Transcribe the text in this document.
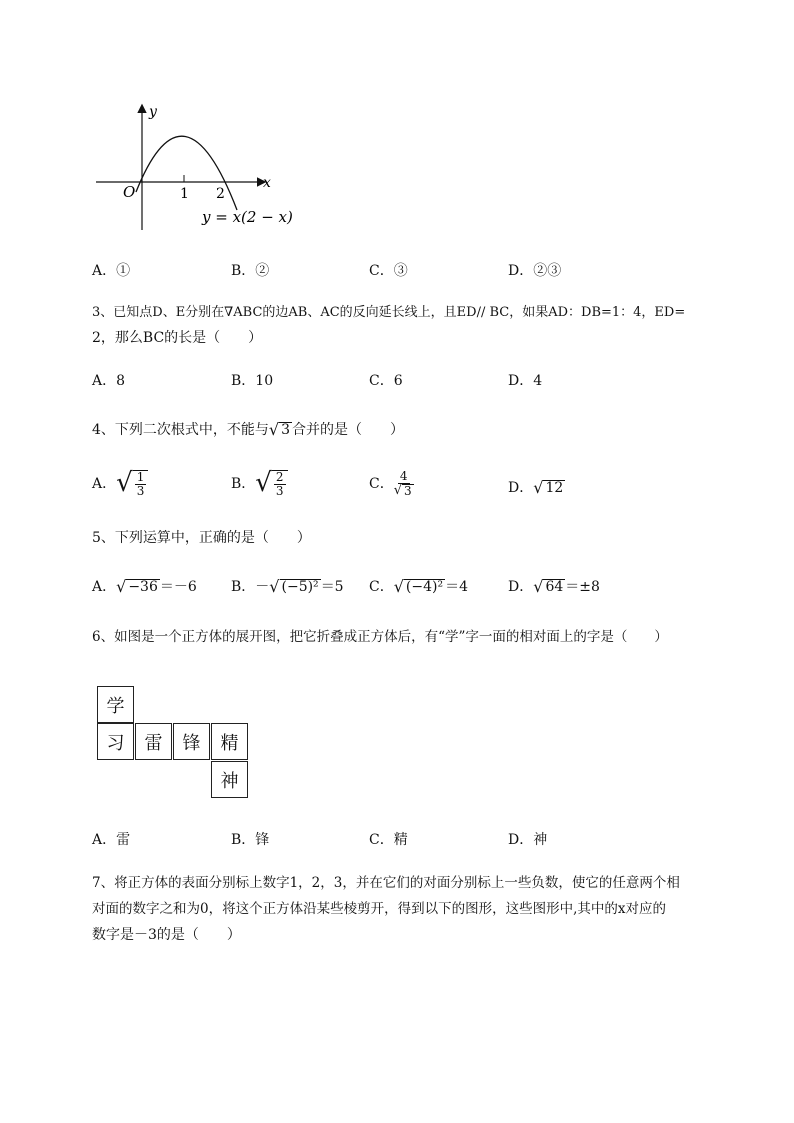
y
x
O	1 2
y = x(2 − x)
A．①	B．②	C．③	D．②③
3、已知点D、E分别在∇ABC的边AB、AC的反向延长线上，且ED// BC，如果AD：DB=1：4，ED=
2，那么BC的长是（　　）
A．8	B．10	C．6	D．4
4、下列二次根式中，不能与 √ 3 合并的是（　　）
A． √ $\frac{1}{3}$	B． √ $\frac{2}{3}$	C． $\frac{4}{√ 3}$	D． √ 12
5、下列运算中，正确的是（　　）
A． √ −36 ＝－6 B．－ √ (−5)² ＝5 C． √ (−4)² ＝4	D． √ 64 ＝±8
6、如图是一个正方体的展开图，把它折叠成正方体后，有“学”字一面的相对面上的字是（　　）
学
习	雷	锋	精
神
A．雷	B．锋	C．精	D．神
7、将正方体的表面分别标上数字1，2，3，并在它们的对面分别标上一些负数，使它的任意两个相
对面的数字之和为0，将这个正方体沿某些棱剪开，得到以下的图形，这些图形中,其中的x对应的
数字是－3的是（　　）
